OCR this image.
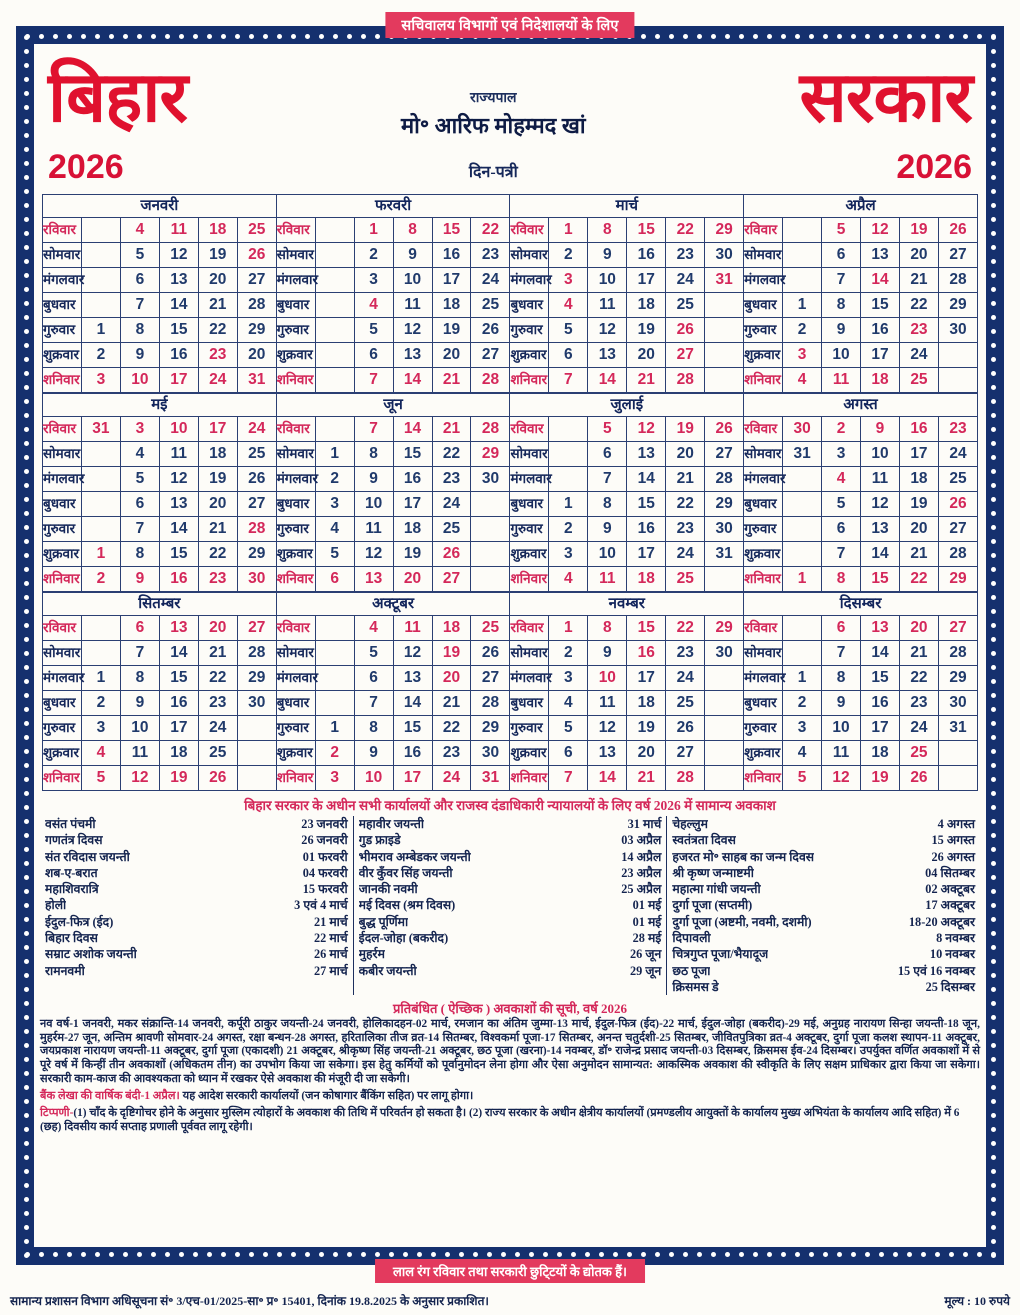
सचिवालय विभागों एवं निदेशालयों के लिए
बिहार	राज्यपाल
मो॰ आरिफ मोहम्मद खां
दिन-पत्री
सरकार
2026	2026
जनवरी						फरवरी						मार्च						अप्रैल					
रविवार		4	11	18	25	रविवार		1	8	15	22	रविवार	1	8	15	22	29	रविवार		5	12	19	26
सोमवार		5	12	19	26	सोमवार		2	9	16	23	सोमवार	2	9	16	23	30	सोमवार		6	13	20	27
मंगलवार		6	13	20	27	मंगलवार		3	10	17	24	मंगलवार	3	10	17	24	31	मंगलवार		7	14	21	28
बुधवार		7	14	21	28	बुधवार		4	11	18	25	बुधवार	4	11	18	25		बुधवार	1	8	15	22	29
गुरुवार	1	8	15	22	29	गुरुवार		5	12	19	26	गुरुवार	5	12	19	26		गुरुवार	2	9	16	23	30
शुक्रवार	2	9	16	23	20	शुक्रवार		6	13	20	27	शुक्रवार	6	13	20	27		शुक्रवार	3	10	17	24	
शनिवार	3	10	17	24	31	शनिवार		7	14	21	28	शनिवार	7	14	21	28		शनिवार	4	11	18	25	
मई						जून						जुलाई						अगस्त					
रविवार	31	3	10	17	24	रविवार		7	14	21	28	रविवार		5	12	19	26	रविवार	30	2	9	16	23
सोमवार		4	11	18	25	सोमवार	1	8	15	22	29	सोमवार		6	13	20	27	सोमवार	31	3	10	17	24
मंगलवार		5	12	19	26	मंगलवार	2	9	16	23	30	मंगलवार		7	14	21	28	मंगलवार		4	11	18	25
बुधवार		6	13	20	27	बुधवार	3	10	17	24		बुधवार	1	8	15	22	29	बुधवार		5	12	19	26
गुरुवार		7	14	21	28	गुरुवार	4	11	18	25		गुरुवार	2	9	16	23	30	गुरुवार		6	13	20	27
शुक्रवार	1	8	15	22	29	शुक्रवार	5	12	19	26		शुक्रवार	3	10	17	24	31	शुक्रवार		7	14	21	28
शनिवार	2	9	16	23	30	शनिवार	6	13	20	27		शनिवार	4	11	18	25		शनिवार	1	8	15	22	29
सितम्बर						अक्टूबर						नवम्बर						दिसम्बर					
रविवार		6	13	20	27	रविवार		4	11	18	25	रविवार	1	8	15	22	29	रविवार		6	13	20	27
सोमवार		7	14	21	28	सोमवार		5	12	19	26	सोमवार	2	9	16	23	30	सोमवार		7	14	21	28
मंगलवार	1	8	15	22	29	मंगलवार		6	13	20	27	मंगलवार	3	10	17	24		मंगलवार	1	8	15	22	29
बुधवार	2	9	16	23	30	बुधवार		7	14	21	28	बुधवार	4	11	18	25		बुधवार	2	9	16	23	30
गुरुवार	3	10	17	24		गुरुवार	1	8	15	22	29	गुरुवार	5	12	19	26		गुरुवार	3	10	17	24	31
शुक्रवार	4	11	18	25		शुक्रवार	2	9	16	23	30	शुक्रवार	6	13	20	27		शुक्रवार	4	11	18	25	
शनिवार	5	12	19	26		शनिवार	3	10	17	24	31	शनिवार	7	14	21	28		शनिवार	5	12	19	26	
बिहार सरकार के अधीन सभी कार्यालयों और राजस्व दंडाधिकारी न्यायालयों के लिए वर्ष 2026 में सामान्य अवकाश
वसंत पंचमी	23 जनवरी
गणतंत्र दिवस	26 जनवरी
संत रविदास जयन्ती	01 फरवरी
शब-ए-बरात	04 फरवरी
महाशिवरात्रि	15 फरवरी
होली	3 एवं 4 मार्च
ईदुल-फित्र (ईद)	21 मार्च
बिहार दिवस	22 मार्च
सम्राट अशोक जयन्ती	26 मार्च
रामनवमी	27 मार्च
महावीर जयन्ती	31 मार्च
गुड फ्राइडे	03 अप्रैल
भीमराव अम्बेडकर जयन्ती	14 अप्रैल
वीर कुँवर सिंह जयन्ती	23 अप्रैल
जानकी नवमी	25 अप्रैल
मई दिवस (श्रम दिवस)	01 मई
बुद्ध पूर्णिमा	01 मई
ईदल-जोहा (बकरीद)	28 मई
मुहर्रम	26 जून
कबीर जयन्ती	29 जून
चेहल्लुम	4 अगस्त
स्वतंत्रता दिवस	15 अगस्त
हजरत मो॰ साहब का जन्म दिवस	26 अगस्त
श्री कृष्ण जन्माष्टमी	04 सितम्बर
महात्मा गांधी जयन्ती	02 अक्टूबर
दुर्गा पूजा (सप्तमी)	17 अक्टूबर
दुर्गा पूजा (अष्टमी, नवमी, दशमी)	18-20 अक्टूबर
दिपावली	8 नवम्बर
चित्रगुप्त पूजा/भैयादूज	10 नवम्बर
छठ पूजा	15 एवं 16 नवम्बर
क्रिसमस डे	25 दिसम्बर
प्रतिबंधित ( ऐच्छिक ) अवकाशों की सूची, वर्ष 2026
नव वर्ष-1 जनवरी, मकर संक्रान्ति-14 जनवरी, कर्पूरी ठाकुर जयन्ती-24 जनवरी, होलिकादहन-02 मार्च, रमजान का अंतिम जुम्मा-13 मार्च, ईदुल-फित्र (ईद)-22 मार्च, ईदुल-जोहा (बकरीद)-29 मई, अनुग्रह नारायण सिन्हा जयन्ती-18 जून, मुहर्रम-27 जून, अन्तिम श्रावणी सोमवार-24 अगस्त, रक्षा बन्धन-28 अगस्त, हरितालिका तीज व्रत-14 सितम्बर, विश्वकर्मा पूजा-17 सितम्बर, अनन्त चतुर्दशी-25 सितम्बर, जीवितपुत्रिका व्रत-4 अक्टूबर, दुर्गा पूजा कलश स्थापन-11 अक्टूबर, जयप्रकाश नारायण जयन्ती-11 अक्टूबर, दुर्गा पूजा (एकादशी) 21 अक्टूबर, श्रीकृष्ण सिंह जयन्ती-21 अक्टूबर, छठ पूजा (खरना)-14 नवम्बर, डॉ॰ राजेन्द्र प्रसाद जयन्ती-03 दिसम्बर, क्रिसमस ईव-24 दिसम्बर। उपर्युक्त वर्णित अवकाशों में से पूरे वर्ष में किन्हीं तीन अवकाशों (अधिकतम तीन) का उपभोग किया जा सकेगा। इस हेतु कर्मियों को पूर्वानुमोदन लेना होगा और ऐसा अनुमोदन सामान्यत: आकस्मिक अवकाश की स्वीकृति के लिए सक्षम प्राधिकार द्वारा किया जा सकेगा। सरकारी काम-काज की आवश्यकता को ध्यान में रखकर ऐसे अवकाश की मंजूरी दी जा सकेगी।
बैंक लेखा की वार्षिक बंदी-1 अप्रैल। यह आदेश सरकारी कार्यालयों (जन कोषागार बैंकिंग सहित) पर लागू होगा।
टिप्पणी-(1) चाँद के दृष्टिगोचर होने के अनुसार मुस्लिम त्योहारों के अवकाश की तिथि में परिवर्तन हो सकता है। (2) राज्य सरकार के अधीन क्षेत्रीय कार्यालयों (प्रमण्डलीय आयुक्तों के कार्यालय मुख्य अभियंता के कार्यालय आदि सहित) में 6 (छह) दिवसीय कार्य सप्ताह प्रणाली पूर्ववत लागू रहेगी।
लाल रंग रविवार तथा सरकारी छुटि्टयों के द्योतक हैं।
सामान्य प्रशासन विभाग अधिसूचना सं॰ 3/एच-01/2025-सा॰ प्र॰ 15401, दिनांक 19.8.2025 के अनुसार प्रकाशित।	मूल्य : 10 रुपये
